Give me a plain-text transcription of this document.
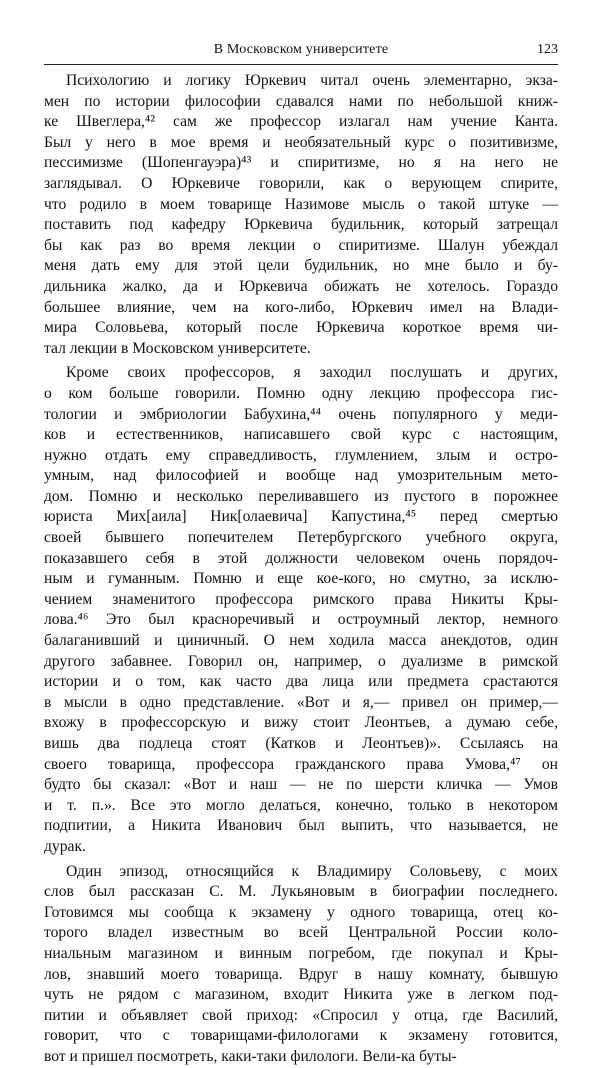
В Московском университете	123

Психологию и логику Юркевич читал очень элементарно, экза-
мен по истории философии сдавался нами по небольшой книж-
ке Швеглера,⁴² сам же профессор излагал нам учение Канта.
Был у него в мое время и необязательный курс о позитивизме,
пессимизме (Шопенгауэра)⁴³ и спиритизме, но я на него не
заглядывал. О Юркевиче говорили, как о верующем спирите,
что родило в моем товарище Назимове мысль о такой штуке —
поставить под кафедру Юркевича будильник, который затрещал
бы как раз во время лекции о спиритизме. Шалун убеждал
меня дать ему для этой цели будильник, но мне было и бу-
дильника жалко, да и Юркевича обижать не хотелось. Гораздо
большее влияние, чем на кого-либо, Юркевич имел на Влади-
мира Соловьева, который после Юркевича короткое время чи-
тал лекции в Московском университете.

Кроме своих профессоров, я заходил послушать и других,
о ком больше говорили. Помню одну лекцию профессора гис-
тологии и эмбриологии Бабухина,⁴⁴ очень популярного у меди-
ков и естественников, написавшего свой курс с настоящим,
нужно отдать ему справедливость, глумлением, злым и остро-
умным, над философией и вообще над умозрительным мето-
дом. Помню и несколько переливавшего из пустого в порожнее
юриста Мих[аила] Ник[олаевича] Капустина,⁴⁵ перед смертью
своей бывшего попечителем Петербургского учебного округа,
показавшего себя в этой должности человеком очень порядоч-
ным и гуманным. Помню и еще кое-кого, но смутно, за исклю-
чением знаменитого профессора римского права Никиты Кры-
лова.⁴⁶ Это был красноречивый и остроумный лектор, немного
балаганивший и циничный. О нем ходила масса анекдотов, один
другого забавнее. Говорил он, например, о дуализме в римской
истории и о том, как часто два лица или предмета срастаются
в мысли в одно представление. «Вот и я,— привел он пример,—
вхожу в профессорскую и вижу стоит Леонтьев, а думаю себе,
вишь два подлеца стоят (Катков и Леонтьев)». Ссылаясь на
своего товарища, профессора гражданского права Умова,⁴⁷ он
будто бы сказал: «Вот и наш — не по шерсти кличка — Умов
и т. п.». Все это могло делаться, конечно, только в некотором
подпитии, а Никита Иванович был выпить, что называется, не
дурак.

Один эпизод, относящийся к Владимиру Соловьеву, с моих
слов был рассказан С. М. Лукьяновым в биографии последнего.
Готовимся мы сообща к экзамену у одного товарища, отец ко-
торого владел известным во всей Центральной России коло-
ниальным магазином и винным погребом, где покупал и Кры-
лов, знавший моего товарища. Вдруг в нашу комнату, бывшую
чуть не рядом с магазином, входит Никита уже в легком под-
питии и объявляет свой приход: «Спросил у отца, где Василий,
говорит, что с товарищами-филологами к экзамену готовится,
вот и пришел посмотреть, каки-таки филологи. Вели-ка буты-
